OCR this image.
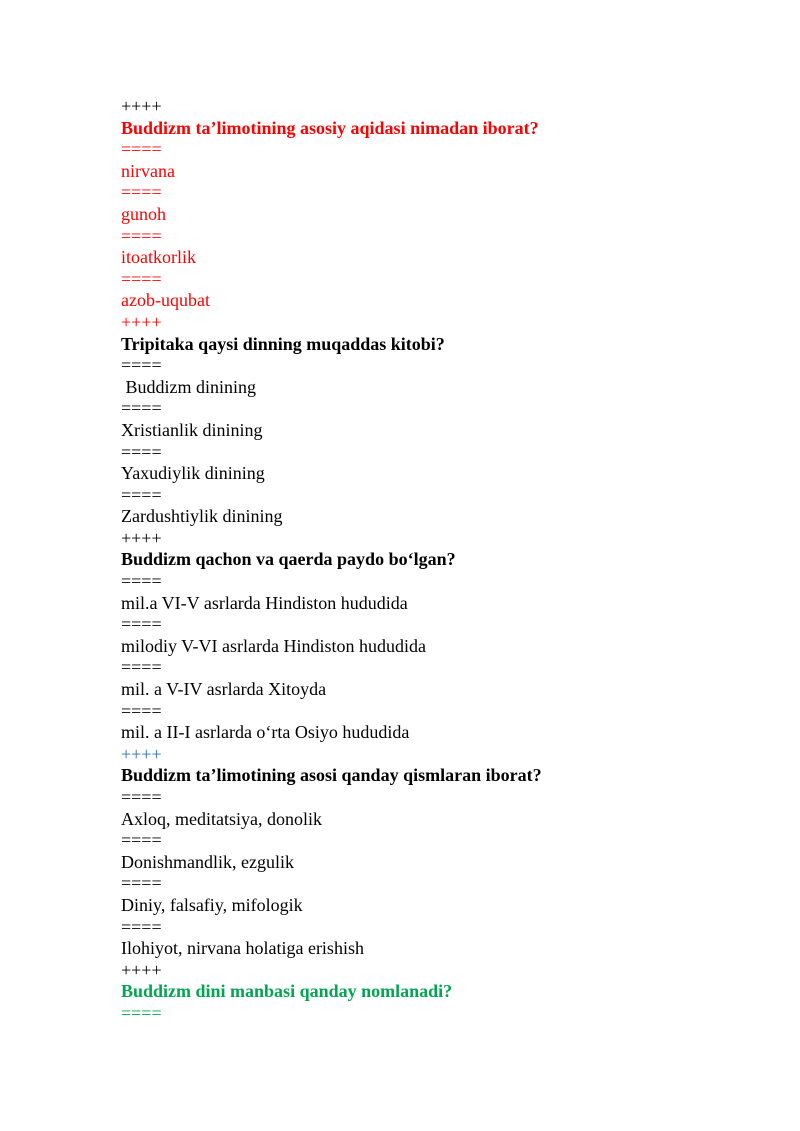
++++
Buddizm ta’limotining asosiy aqidasi nimadan iborat?
====
nirvana
====
gunoh
====
itoatkorlik
====
azob-uqubat
++++
Tripitaka qaysi dinning muqaddas kitobi?
====
Buddizm dinining
====
Xristianlik dinining
====
Yaxudiylik dinining
====
Zardushtiylik dinining
++++
Buddizm qachon va qaerda paydo bo‘lgan?
====
mil.a VI-V asrlarda Hindiston hududida
====
milodiy V-VI asrlarda Hindiston hududida
====
mil. a V-IV asrlarda Xitoyda
====
mil. a II-I asrlarda o‘rta Osiyo hududida
++++
Buddizm ta’limotining asosi qanday qismlaran iborat?
====
Axloq, meditatsiya, donolik
====
Donishmandlik, ezgulik
====
Diniy, falsafiy, mifologik
====
Ilohiyot, nirvana holatiga erishish
++++
Buddizm dini manbasi qanday nomlanadi?
====
